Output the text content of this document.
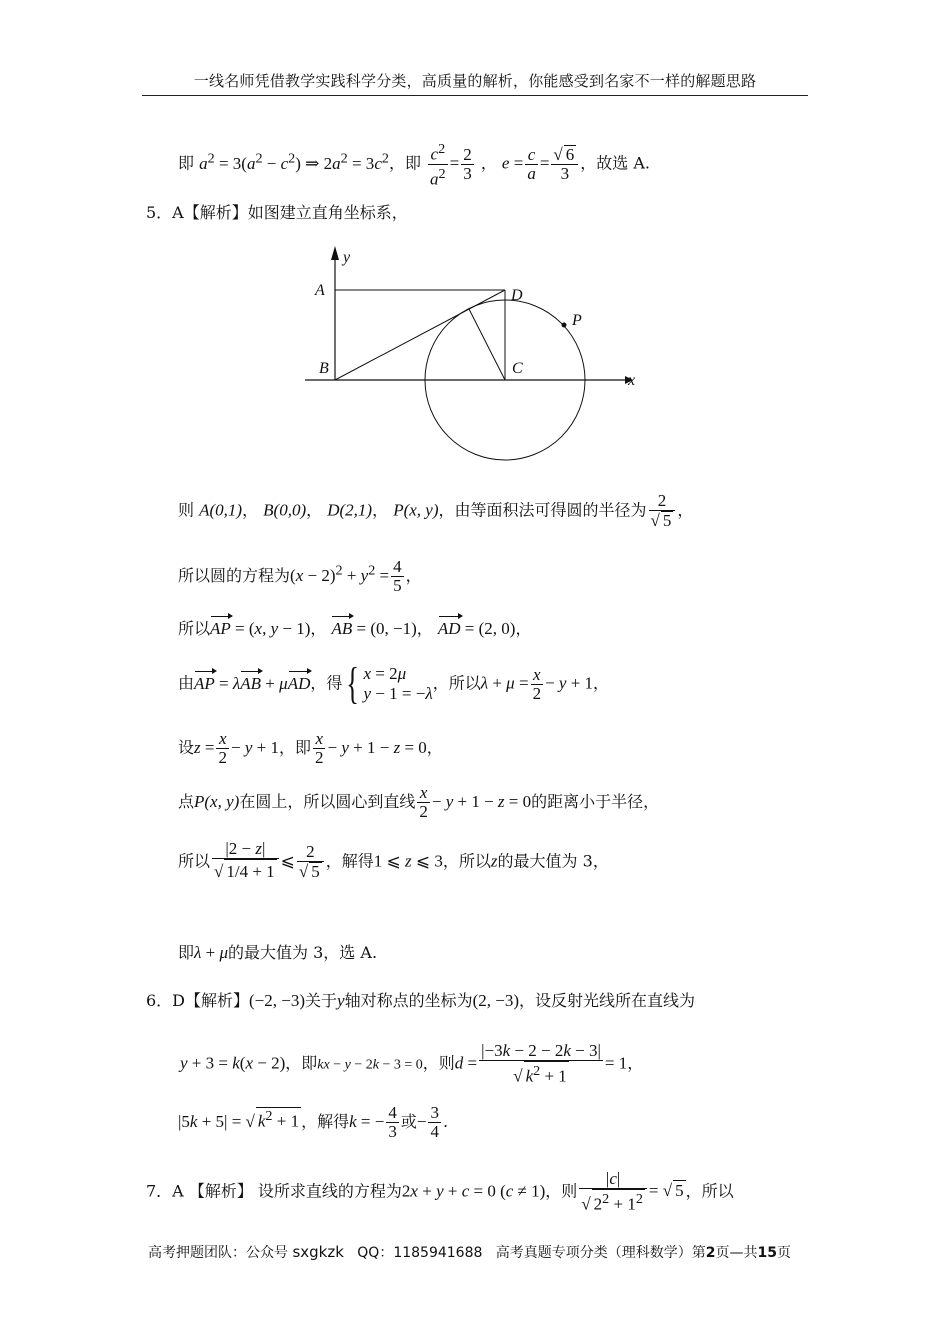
一线名师凭借教学实践科学分类，高质量的解析，你能感受到名家不一样的解题思路
即 $a^2 = 3(a^2 - c^2)$ ⇒ $2a^2 = 3c^2$，即 $\frac{c^2}{a^2} = \frac{2}{3}$ ， $e = \frac{c}{a} = \frac{√ 6}{3}$ ，故选 A.
5．A【解析】如图建立直角坐标系，
y
x
A
B	C
D
P
则 A(0,1)， B(0,0)， D(2,1)， P(x, y)，由等面积法可得圆的半径为 $\frac{2}{√ 5}$ ，
所以圆的方程为$(x - 2)^2 + y^2 = \frac{4}{5}$ ，
所以AP = (x, y − 1)， AB = (0, −1)， AD = (2, 0)，
由AP = λAB + μAD，得{ x = 2μ
y − 1 = −λ
，所以$\lambda + \mu = \frac{x}{2} - y + 1$，
设$z = \frac{x}{2} - y + 1$，即 $\frac{x}{2} - y + 1 - z = 0$，
点P(x, y)在圆上，所以圆心到直线 $\frac{x}{2} - y + 1 - z = 0$的距离小于半径，
所以 $\frac{|2 - z|}{√ 1/4 + 1}$ ⩽ $\frac{2}{√ 5}$ ，解得1 ⩽ z ⩽ 3，所以z的最大值为 3，
即λ + μ的最大值为 3，选 A.
6．D【解析】(−2, −3)关于y轴对称点的坐标为(2, −3)，设反射光线所在直线为
y + 3 = k(x − 2)，即kx − y − 2k − 3 = 0，则$d = \frac{|-3k - 2 - 2k - 3|}{√ k^2 + 1} = 1$，
|5k + 5| = √ $k^2 + 1$ ，解得k = − $\frac{4}{3}$ 或− $\frac{3}{4}$ .
7．A 【解析】 设所求直线的方程为2x + y + c = 0 (c ≠ 1)，则 $\frac{|c|}{√ 2^2 + 1^2}$ = √ 5 ，所以
高考押题团队：公众号 sxgkzk QQ：1185941688 高考真题专项分类（理科数学）第2页—共15页
